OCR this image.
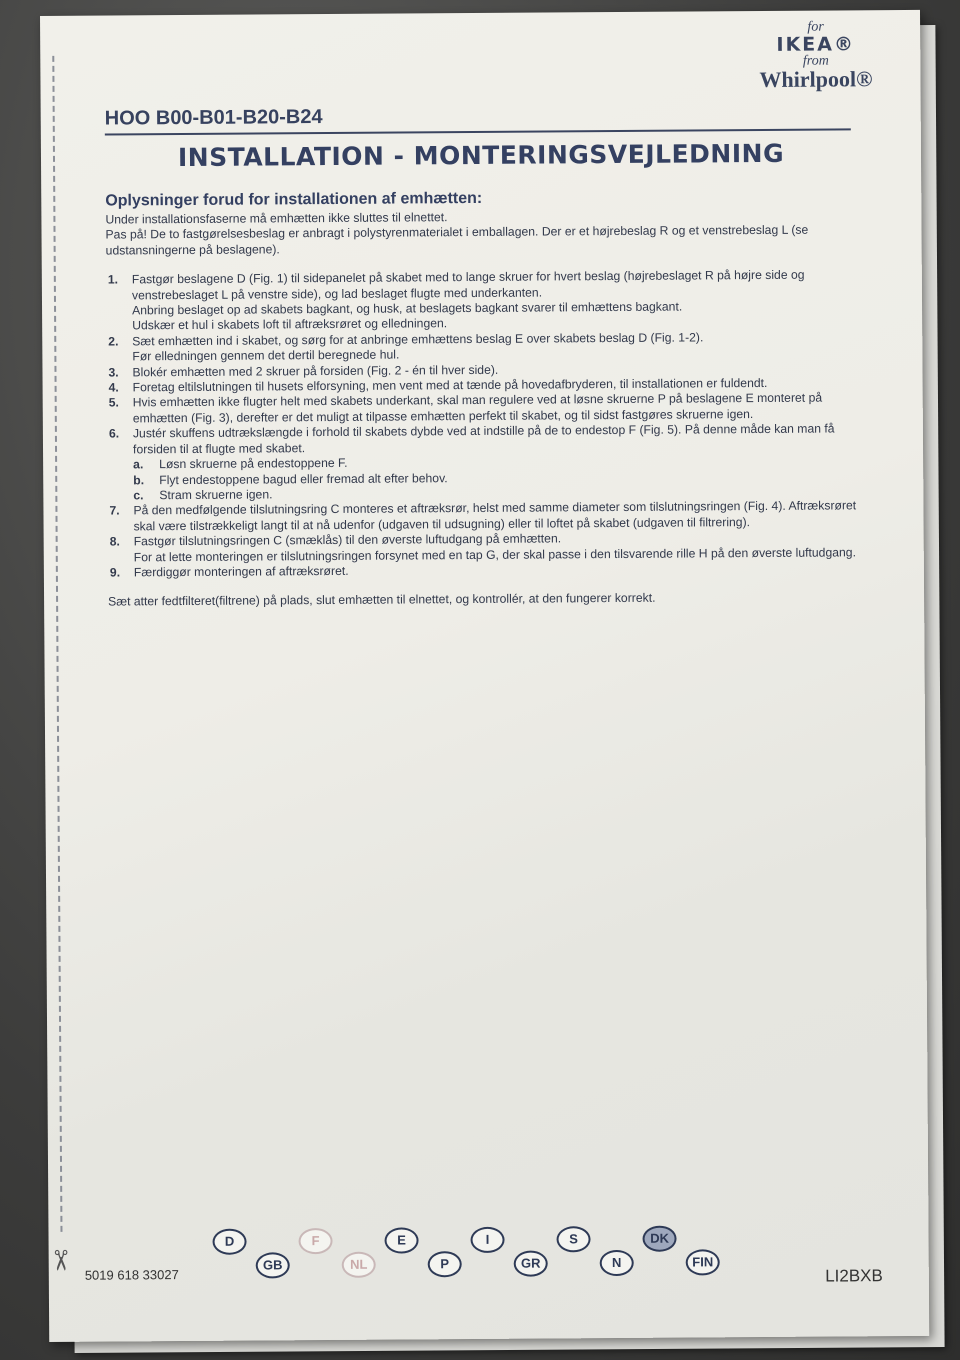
✂
for
IKEA®
from
Whirlpool®
HOO B00-B01-B20-B24
INSTALLATION - MONTERINGSVEJLEDNING
Oplysninger forud for installationen af emhætten:

Under installationsfaserne må emhætten ikke sluttes til elnettet.

Pas på! De to fastgørelsesbeslag er anbragt i polystyrenmaterialet i emballagen. Der er et højrebeslag R og et venstrebeslag L (se udstansningerne på beslagene).

1. Fastgør beslagene D (Fig. 1) til sidepanelet på skabet med to lange skruer for hvert beslag (højrebeslaget R på højre side og venstrebeslaget L på venstre side), og lad beslaget flugte med underkanten.
Anbring beslaget op ad skabets bagkant, og husk, at beslagets bagkant svarer til emhættens bagkant.
Udskær et hul i skabets loft til aftræksrøret og elledningen.
2. Sæt emhætten ind i skabet, og sørg for at anbringe emhættens beslag E over skabets beslag D (Fig. 1-2).
Før elledningen gennem det dertil beregnede hul.
3. Blokér emhætten med 2 skruer på forsiden (Fig. 2 - én til hver side).
4. Foretag eltilslutningen til husets elforsyning, men vent med at tænde på hovedafbryderen, til installationen er fuldendt.
5. Hvis emhætten ikke flugter helt med skabets underkant, skal man regulere ved at løsne skruerne P på beslagene E monteret på emhætten (Fig. 3), derefter er det muligt at tilpasse emhætten perfekt til skabet, og til sidst fastgøres skruerne igen.
6. Justér skuffens udtrækslængde i forhold til skabets dybde ved at indstille på de to endestop F (Fig. 5). På denne måde kan man få forsiden til at flugte med skabet.
a. Løsn skruerne på endestoppene F.
b. Flyt endestoppene bagud eller fremad alt efter behov.
c. Stram skruerne igen.
7. På den medfølgende tilslutningsring C monteres et aftræksrør, helst med samme diameter som tilslutningsringen (Fig. 4). Aftræksrøret skal være tilstrækkeligt langt til at nå udenfor (udgaven til udsugning) eller til loftet på skabet (udgaven til filtrering).
8. Fastgør tilslutningsringen C (smæklås) til den øverste luftudgang på emhætten.
For at lette monteringen er tilslutningsringen forsynet med en tap G, der skal passe i den tilsvarende rille H på den øverste luftudgang.
9. Færdiggør monteringen af aftræksrøret.
Sæt atter fedtfilteret(filtrene) på plads, slut emhætten til elnettet, og kontrollér, at den fungerer korrekt.
5019 618 33027
D
GB
F
NL
E
P
I
GR
S
N
DK
FIN
LI2BXB
